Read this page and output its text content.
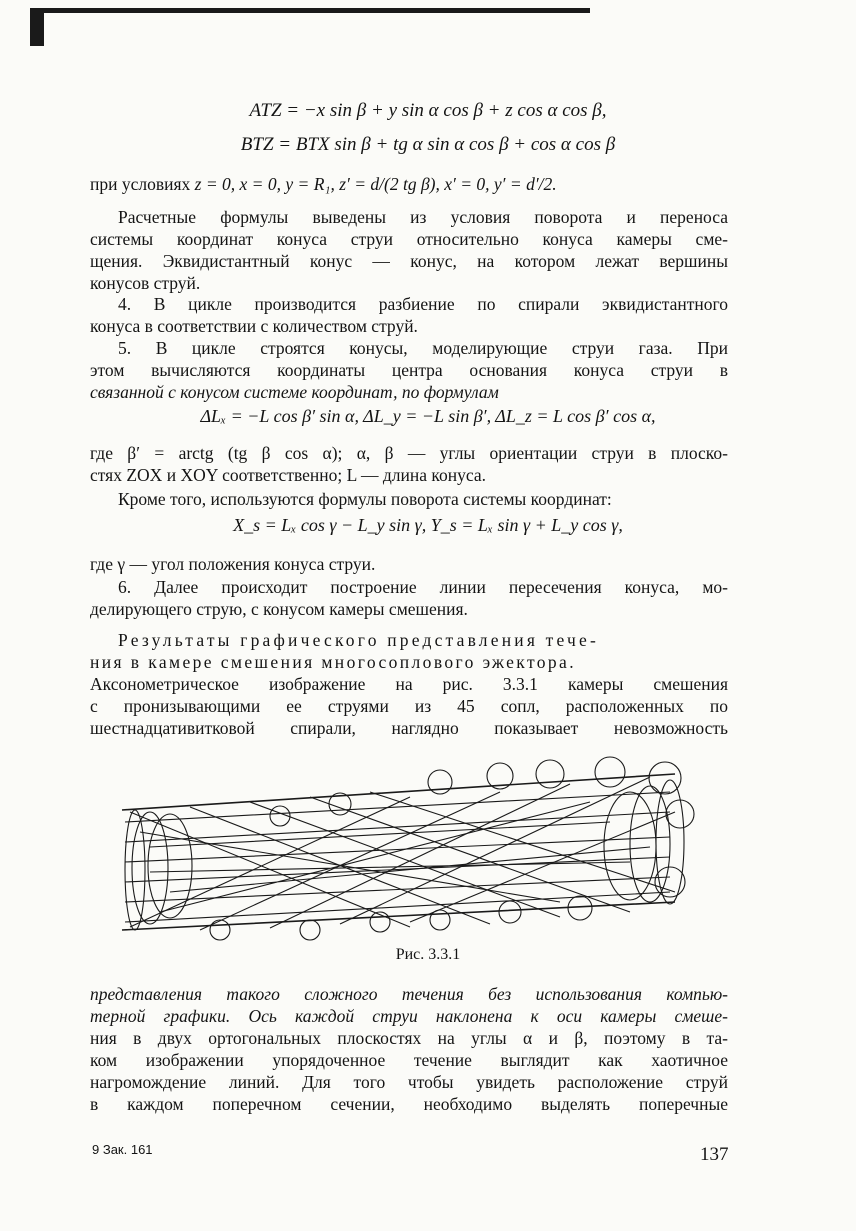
ATZ = −x sin β + y sin α cos β + z cos α cos β,
BTZ = BTX sin β + tg α sin α cos β + cos α cos β
при условиях z = 0, x = 0, y = R₁, z′ = d/(2 tg β), x′ = 0, y′ = d′/2.
Расчетные формулы выведены из условия поворота и переноса
системы координат конуса струи относительно конуса камеры сме-
щения. Эквидистантный конус — конус, на котором лежат вершины
конусов струй.
4. В цикле производится разбиение по спирали эквидистантного
конуса в соответствии с количеством струй.
5. В цикле строятся конусы, моделирующие струи газа. При
этом вычисляются координаты центра основания конуса струи в
связанной с конусом системе координат, по формулам
ΔLₓ = −L cos β′ sin α, ΔL_y = −L sin β′, ΔL_z = L cos β′ cos α,
где β′ = arctg (tg β cos α); α, β — углы ориентации струи в плоско-
стях ZOX и XOY соответственно; L — длина конуса.
Кроме того, используются формулы поворота системы координат:
X_s = Lₓ cos γ − L_y sin γ, Y_s = Lₓ sin γ + L_y cos γ,
где γ — угол положения конуса струи.
6. Далее происходит построение линии пересечения конуса, мо-
делирующего струю, с конусом камеры смешения.
Результаты графического представления тече-
ния в камере смешения многосоплового эжектора.
Аксонометрическое изображение на рис. 3.3.1 камеры смешения
с пронизывающими ее струями из 45 сопл, расположенных по
шестнадцативитковой спирали, наглядно показывает невозможность
Рис. 3.3.1
представления такого сложного течения без использования компью-
терной графики. Ось каждой струи наклонена к оси камеры смеше-
ния в двух ортогональных плоскостях на углы α и β, поэтому в та-
ком изображении упорядоченное течение выглядит как хаотичное
нагромождение линий. Для того чтобы увидеть расположение струй
в каждом поперечном сечении, необходимо выделять поперечные
9 Зак. 161	137
